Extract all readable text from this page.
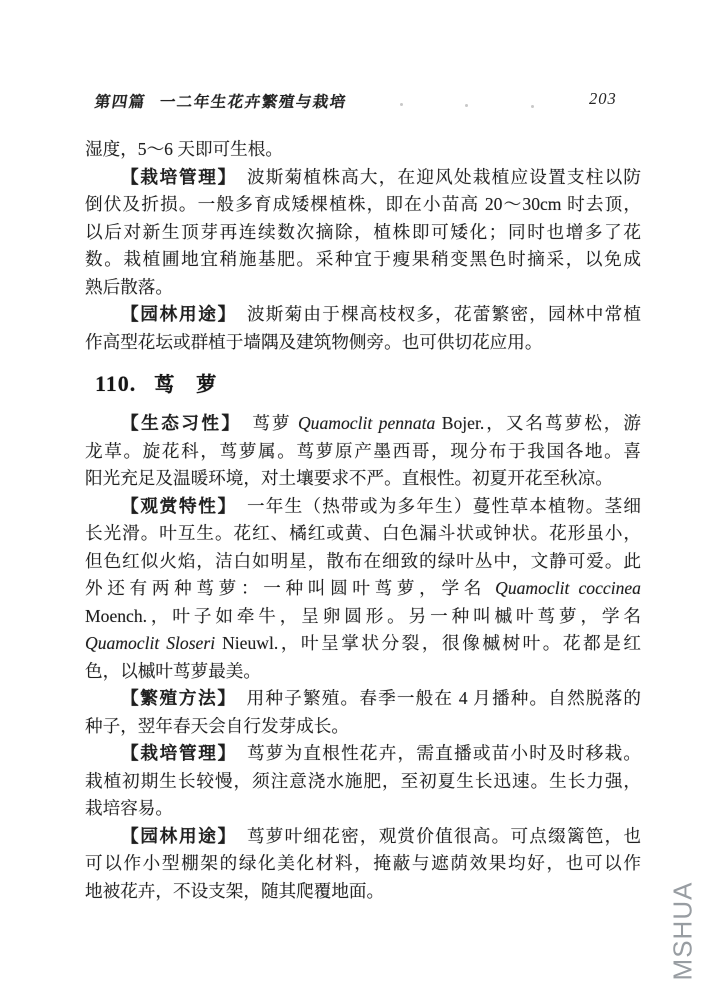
第四篇 一二年生花卉繁殖与栽培	203
湿度，5～6 天即可生根。
【栽培管理】　波斯菊植株高大，在迎风处栽植应设置支柱以防
倒伏及折损。一般多育成矮棵植株，即在小苗高 20～30cm 时去顶，
以后对新生顶芽再连续数次摘除，植株即可矮化；同时也增多了花
数。栽植圃地宜稍施基肥。采种宜于瘦果稍变黑色时摘采，以免成
熟后散落。
【园林用途】　波斯菊由于棵高枝杈多，花蕾繁密，园林中常植
作高型花坛或群植于墙隅及建筑物侧旁。也可供切花应用。
110. 茑　萝
【生态习性】　茑萝 Quamoclit pennata Bojer.，又名茑萝松，游
龙草。旋花科，茑萝属。茑萝原产墨西哥，现分布于我国各地。喜
阳光充足及温暖环境，对土壤要求不严。直根性。初夏开花至秋凉。
【观赏特性】　一年生（热带或为多年生）蔓性草本植物。茎细
长光滑。叶互生。花红、橘红或黄、白色漏斗状或钟状。花形虽小，
但色红似火焰，洁白如明星，散布在细致的绿叶丛中，文静可爱。此
外还有两种茑萝：一种叫圆叶茑萝，学名 Quamoclit coccinea
Moench.，叶子如牵牛，呈卵圆形。另一种叫槭叶茑萝，学名
Quamoclit Sloseri Nieuwl.，叶呈掌状分裂，很像槭树叶。花都是红
色，以槭叶茑萝最美。
【繁殖方法】　用种子繁殖。春季一般在 4 月播种。自然脱落的
种子，翌年春天会自行发芽成长。
【栽培管理】　茑萝为直根性花卉，需直播或苗小时及时移栽。
栽植初期生长较慢，须注意浇水施肥，至初夏生长迅速。生长力强，
栽培容易。
【园林用途】　茑萝叶细花密，观赏价值很高。可点缀篱笆，也
可以作小型棚架的绿化美化材料，掩蔽与遮荫效果均好，也可以作
地被花卉，不设支架，随其爬覆地面。	MSHUA
